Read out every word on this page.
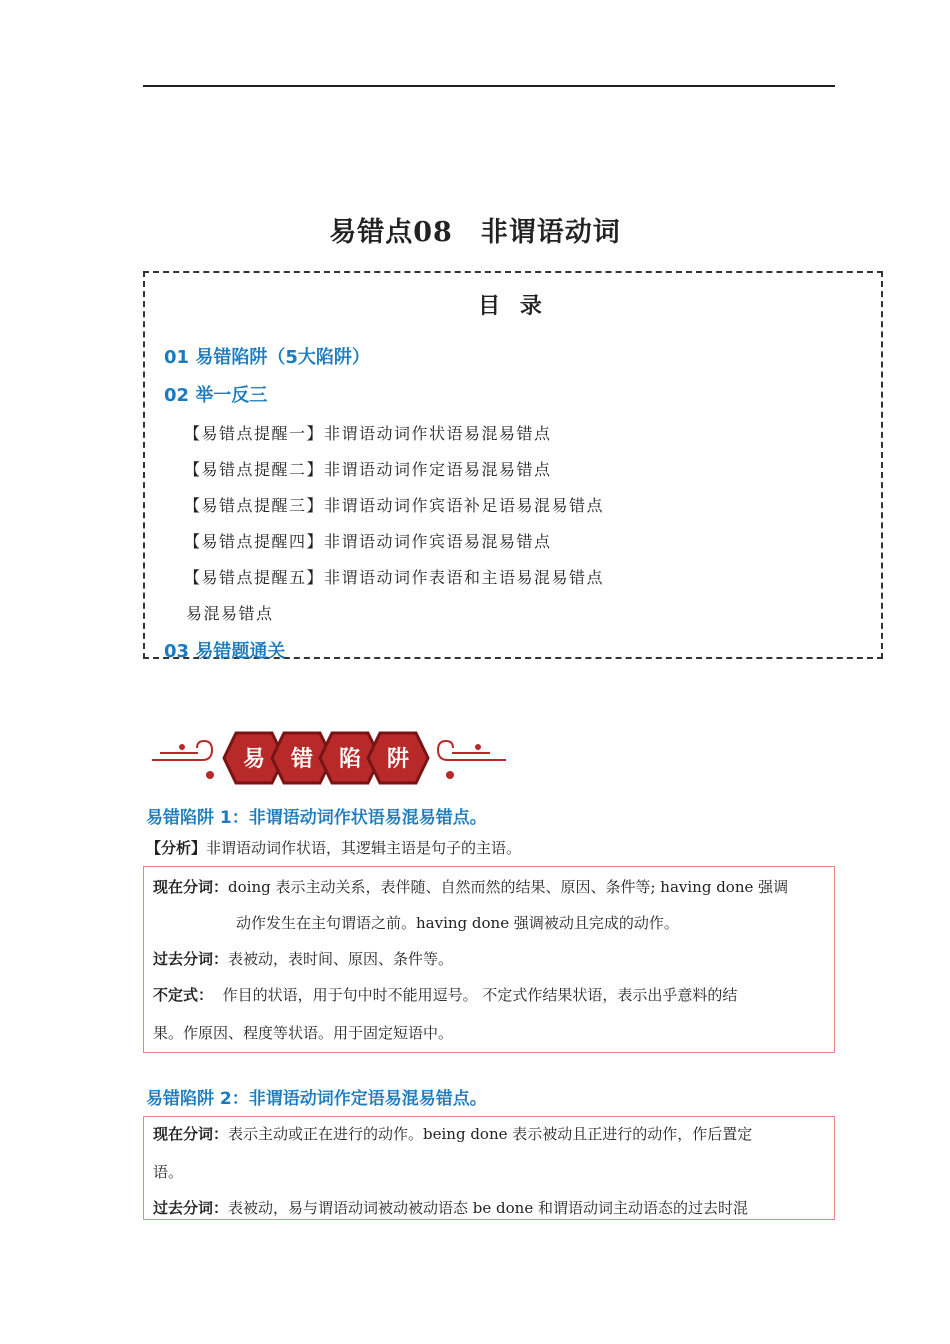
易错点08　非谓语动词
目 录
01 易错陷阱（5大陷阱）
02 举一反三
【易错点提醒一】非谓语动词作状语易混易错点
【易错点提醒二】非谓语动词作定语易混易错点
【易错点提醒三】非谓语动词作宾语补足语易混易错点
【易错点提醒四】非谓语动词作宾语易混易错点
【易错点提醒五】非谓语动词作表语和主语易混易错点
易混易错点
03 易错题通关
易 错 陷 阱
易错陷阱 1：非谓语动词作状语易混易错点。
【分析】非谓语动词作状语，其逻辑主语是句子的主语。
现在分词：doing 表示主动关系，表伴随、自然而然的结果、原因、条件等; having done 强调
动作发生在主句谓语之前。having done 强调被动且完成的动作。
过去分词：表被动，表时间、原因、条件等。
不定式： 作目的状语，用于句中时不能用逗号。 不定式作结果状语，表示出乎意料的结
果。作原因、程度等状语。用于固定短语中。
易错陷阱 2：非谓语动词作定语易混易错点。
现在分词：表示主动或正在进行的动作。being done 表示被动且正进行的动作，作后置定
语。
过去分词：表被动，易与谓语动词被动被动语态 be done 和谓语动词主动语态的过去时混
